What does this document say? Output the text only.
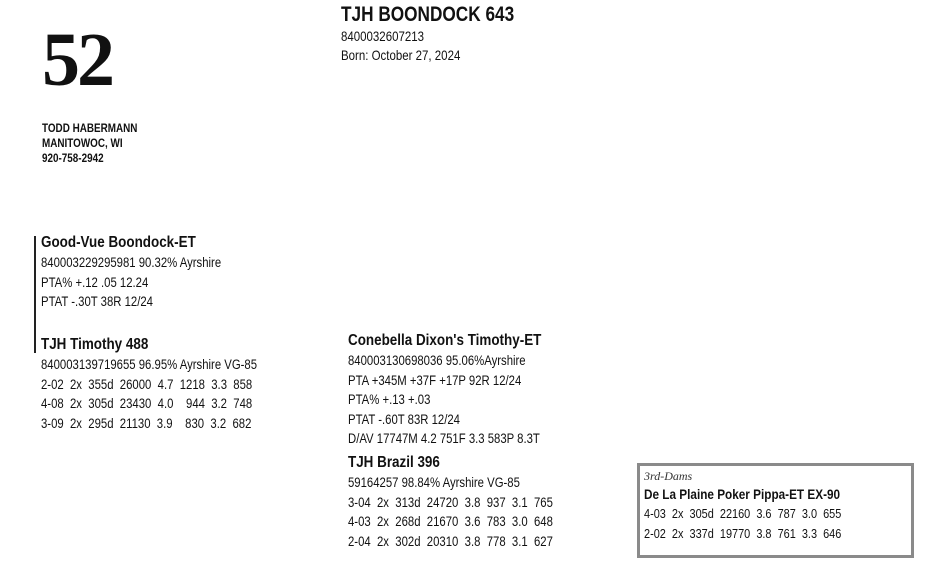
52
TJH BOONDOCK 643
8400032607213
Born: October 27, 2024
TODD HABERMANN
MANITOWOC, WI
920-758-2942
Good-Vue Boondock-ET
840003229295981 90.32% Ayrshire
PTA% +.12 .05 12.24
PTAT -.30T 38R 12/24
TJH Timothy 488
840003139719655 96.95% Ayrshire VG-85
2-02  2x  355d  26000  4.7  1218  3.3  858
4-08  2x  305d  23430  4.0    944  3.2  748
3-09  2x  295d  21130  3.9    830  3.2  682
Conebella Dixon's Timothy-ET
840003130698036 95.06%Ayrshire
PTA +345M +37F +17P 92R 12/24
PTA% +.13 +.03
PTAT -.60T 83R 12/24
D/AV 17747M 4.2 751F 3.3 583P 8.3T
TJH Brazil 396
59164257 98.84% Ayrshire VG-85
3-04  2x  313d  24720  3.8  937  3.1  765
4-03  2x  268d  21670  3.6  783  3.0  648
2-04  2x  302d  20310  3.8  778  3.1  627
3rd-Dams
De La Plaine Poker Pippa-ET EX-90
4-03  2x  305d  22160  3.6  787  3.0  655
2-02  2x  337d  19770  3.8  761  3.3  646
